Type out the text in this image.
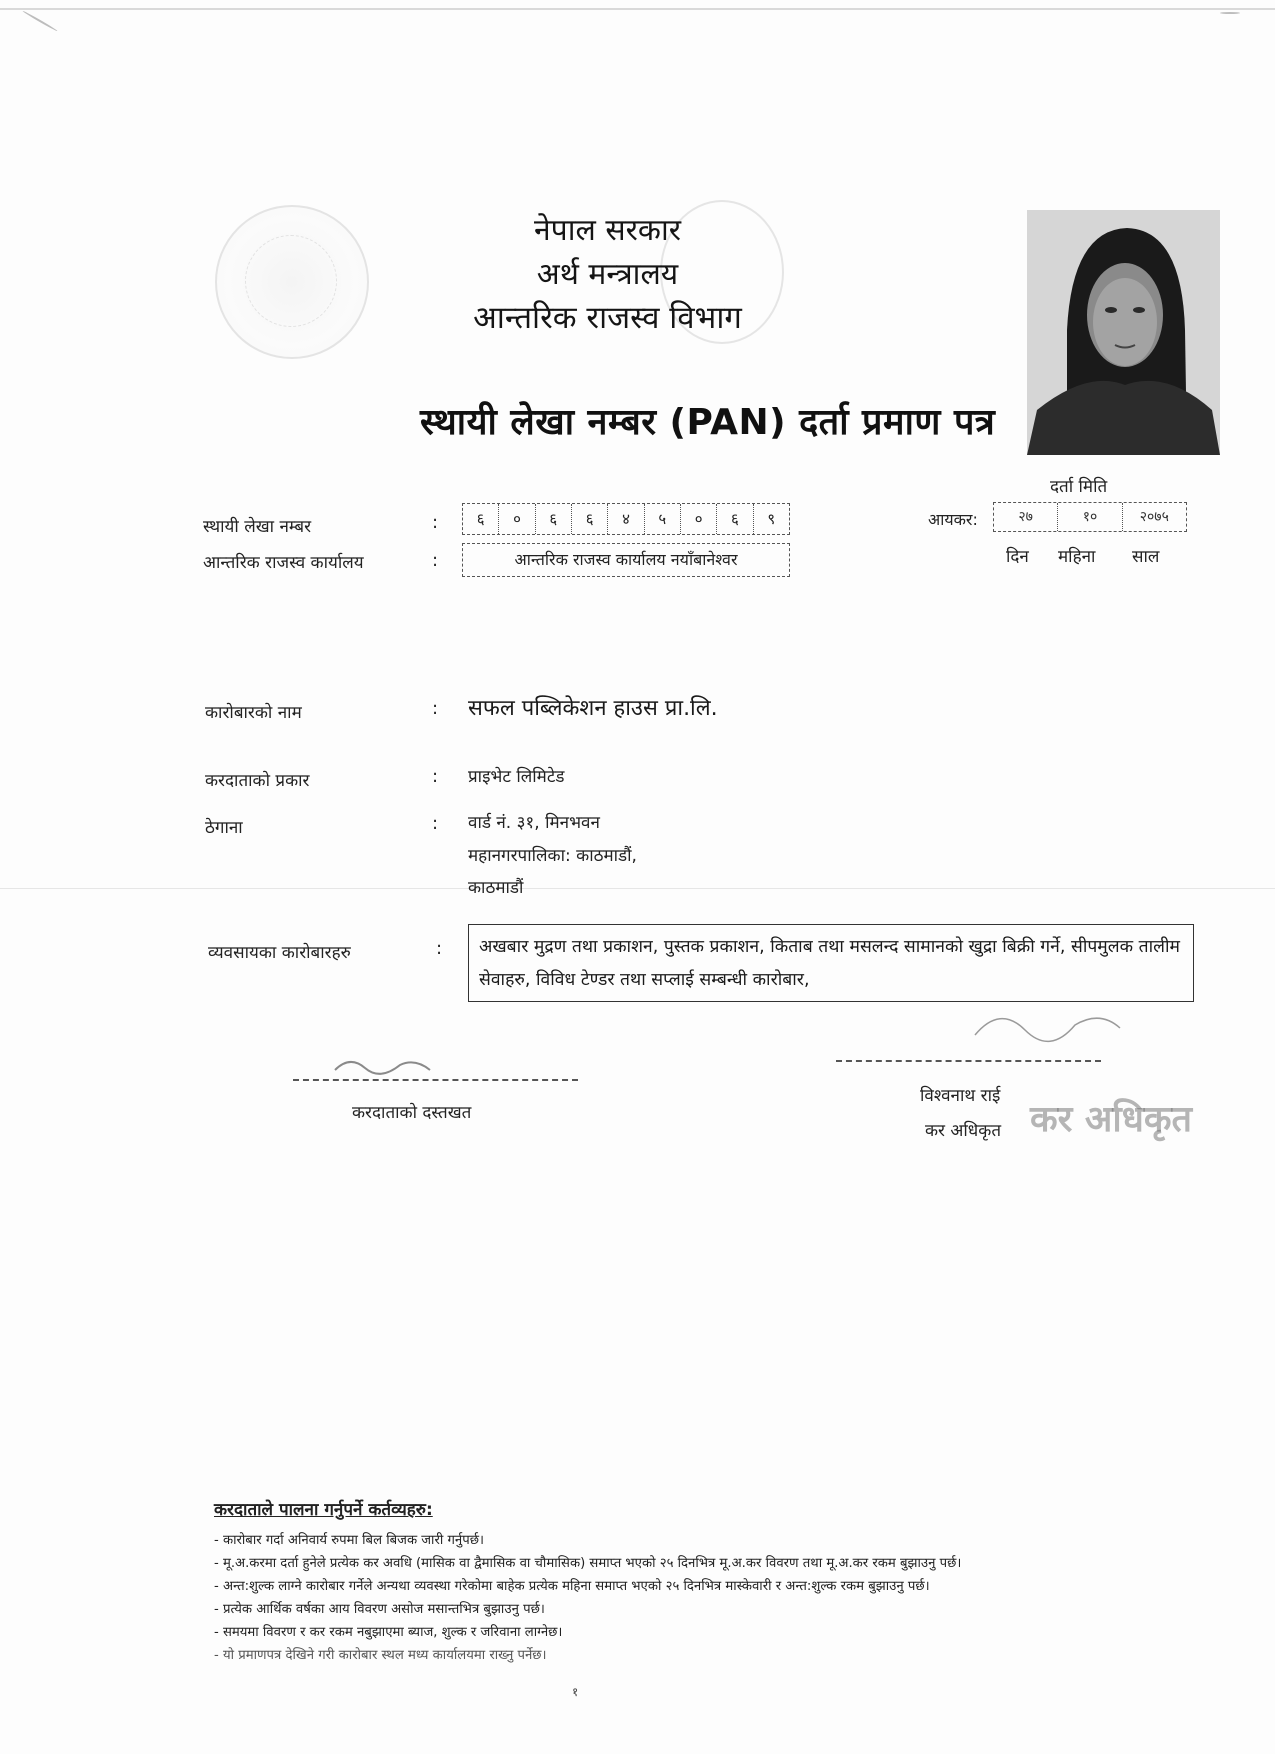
नेपाल सरकार
अर्थ मन्त्रालय
आन्तरिक राजस्व विभाग
स्थायी लेखा नम्बर (PAN) दर्ता प्रमाण पत्र
स्थायी लेखा नम्बर	:	६	०	६	६	४	५	०	६	९
आन्तरिक राजस्व कार्यालय	:	आन्तरिक राजस्व कार्यालय नयाँबानेश्वर
दर्ता मिति
आयकर:	२७	१०	२०७५
दिन महिना साल
कारोबारको नाम	: सफल पब्लिकेशन हाउस प्रा.लि.
करदाताको प्रकार	: प्राइभेट लिमिटेड
ठेगाना	: वार्ड नं. ३१, मिनभवन
महानगरपालिका: काठमाडौं,
काठमाडौं
व्यवसायका कारोबारहरु	:	अखबार मुद्रण तथा प्रकाशन, पुस्तक प्रकाशन, किताब तथा मसलन्द सामानको खुद्रा बिक्री गर्ने, सीपमुलक तालीम सेवाहरु, विविध टेण्डर तथा सप्लाई सम्बन्धी कारोबार,
करदाताको दस्तखत
विश्वनाथ राई
कर अधिकृत कर अधिकृत
करदाताले पालना गर्नुपर्ने कर्तव्यहरु:
- कारोबार गर्दा अनिवार्य रुपमा बिल बिजक जारी गर्नुपर्छ।
- मू.अ.करमा दर्ता हुनेले प्रत्येक कर अवधि (मासिक वा द्वैमासिक वा चौमासिक) समाप्त भएको २५ दिनभित्र मू.अ.कर विवरण तथा मू.अ.कर रकम बुझाउनु पर्छ।
- अन्त:शुल्क लाग्ने कारोबार गर्नेले अन्यथा व्यवस्था गरेकोमा बाहेक प्रत्येक महिना समाप्त भएको २५ दिनभित्र मास्केवारी र अन्त:शुल्क रकम बुझाउनु पर्छ।
- प्रत्येक आर्थिक वर्षका आय विवरण असोज मसान्तभित्र बुझाउनु पर्छ।
- समयमा विवरण र कर रकम नबुझाएमा ब्याज, शुल्क र जरिवाना लाग्नेछ।
- यो प्रमाणपत्र देखिने गरी कारोबार स्थल मध्य कार्यालयमा राख्नु पर्नेछ।
१
